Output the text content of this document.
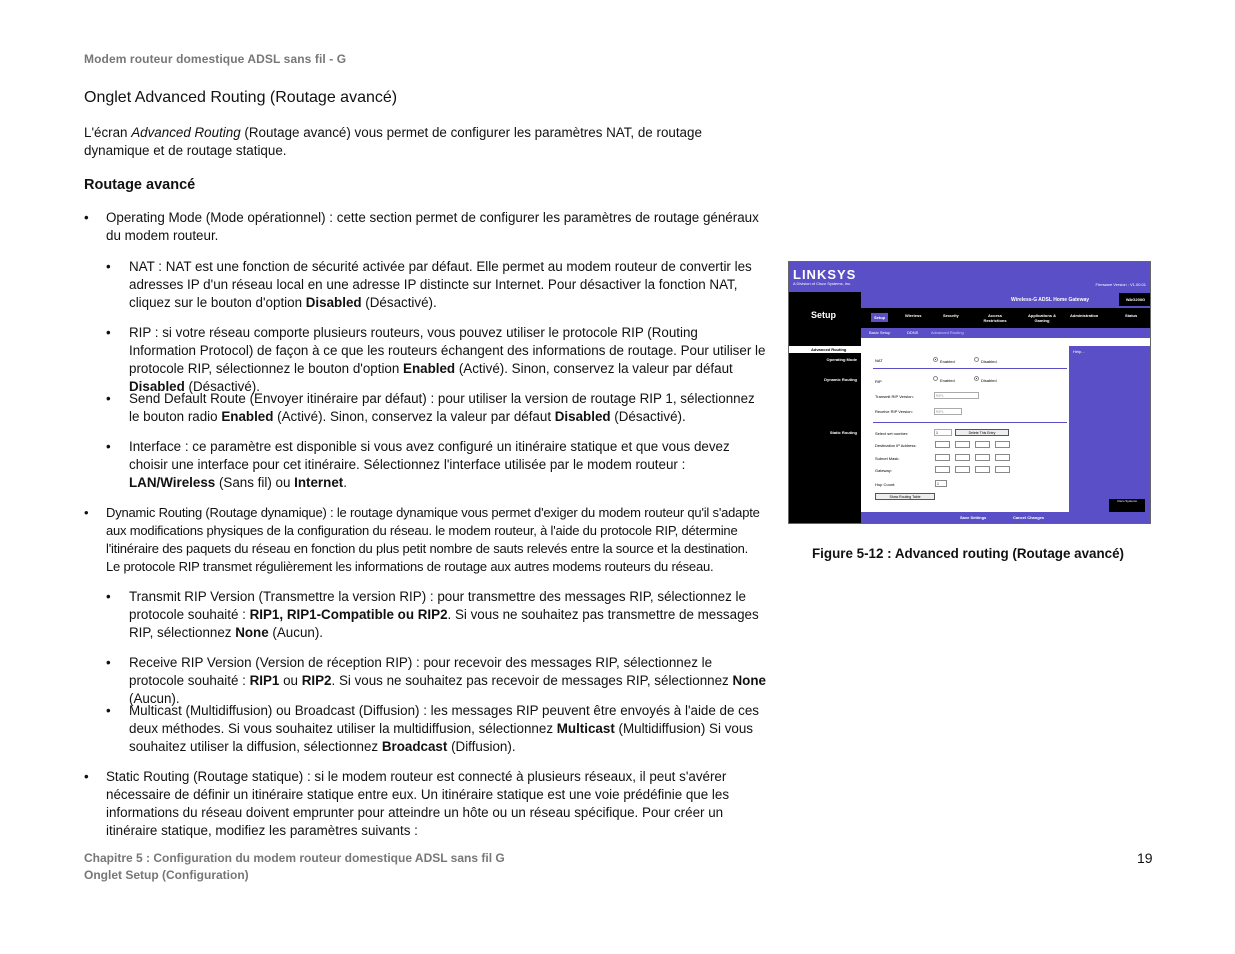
Modem routeur domestique ADSL sans fil - G
Onglet Advanced Routing (Routage avancé)
L'écran Advanced Routing (Routage avancé) vous permet de configurer les paramètres NAT, de routage dynamique et de routage statique.
Routage avancé
• Operating Mode (Mode opérationnel) : cette section permet de configurer les paramètres de routage généraux du modem routeur.
• NAT : NAT est une fonction de sécurité activée par défaut. Elle permet au modem routeur de convertir les adresses IP d'un réseau local en une adresse IP distincte sur Internet. Pour désactiver la fonction NAT, cliquez sur le bouton d'option Disabled (Désactivé).
• RIP : si votre réseau comporte plusieurs routeurs, vous pouvez utiliser le protocole RIP (Routing Information Protocol) de façon à ce que les routeurs échangent des informations de routage. Pour utiliser le protocole RIP, sélectionnez le bouton d'option Enabled (Activé). Sinon, conservez la valeur par défaut Disabled (Désactivé).
• Send Default Route (Envoyer itinéraire par défaut) : pour utiliser la version de routage RIP 1, sélectionnez le bouton radio Enabled (Activé). Sinon, conservez la valeur par défaut Disabled (Désactivé).
• Interface : ce paramètre est disponible si vous avez configuré un itinéraire statique et que vous devez choisir une interface pour cet itinéraire. Sélectionnez l'interface utilisée par le modem routeur : LAN/Wireless (Sans fil) ou Internet.
• Dynamic Routing (Routage dynamique) : le routage dynamique vous permet d'exiger du modem routeur qu'il s'adapte aux modifications physiques de la configuration du réseau. le modem routeur, à l'aide du protocole RIP, détermine l'itinéraire des paquets du réseau en fonction du plus petit nombre de sauts relevés entre la source et la destination. Le protocole RIP transmet régulièrement les informations de routage aux autres modems routeurs du réseau.
• Transmit RIP Version (Transmettre la version RIP) : pour transmettre des messages RIP, sélectionnez le protocole souhaité : RIP1, RIP1-Compatible ou RIP2. Si vous ne souhaitez pas transmettre de messages RIP, sélectionnez None (Aucun).
• Receive RIP Version (Version de réception RIP) : pour recevoir des messages RIP, sélectionnez le protocole souhaité : RIP1 ou RIP2. Si vous ne souhaitez pas recevoir de messages RIP, sélectionnez None (Aucun).
• Multicast (Multidiffusion) ou Broadcast (Diffusion) : les messages RIP peuvent être envoyés à l'aide de ces deux méthodes. Si vous souhaitez utiliser la multidiffusion, sélectionnez Multicast (Multidiffusion) Si vous souhaitez utiliser la diffusion, sélectionnez Broadcast (Diffusion).
• Static Routing (Routage statique) : si le modem routeur est connecté à plusieurs réseaux, il peut s'avérer nécessaire de définir un itinéraire statique entre eux. Un itinéraire statique est une voie prédéfinie que les informations du réseau doivent emprunter pour atteindre un hôte ou un réseau spécifique. Pour créer un itinéraire statique, modifiez les paramètres suivants :
LINKSYS
A Division of Cisco Systems, Inc.	Firmware Version : V1.00.01
Setup
Wireless-G ADSL Home Gateway	WAG200G
Setup	Wireless	Security	Access Restrictions
Applications & Gaming
Administration	Status
Basic Setup	DDNS	Advanced Routing
Advanced Routing
Operating Mode
Dynamic Routing
Static Routing
Help...
NAT	Enabled	Disabled
RIP	Enabled	Disabled
Transmit RIP Version:	RIP1
Receive RIP Version:	RIP1
Select set number:	1	Delete This Entry
Destination IP Address:
Subnet Mask:
Gateway:
Hop Count:	1
Show Routing Table
Cisco Systems
Save Settings	Cancel Changes
Figure 5-12 : Advanced routing (Routage avancé)
Chapitre 5 : Configuration du modem routeur domestique ADSL sans fil G
Onglet Setup (Configuration)
19
